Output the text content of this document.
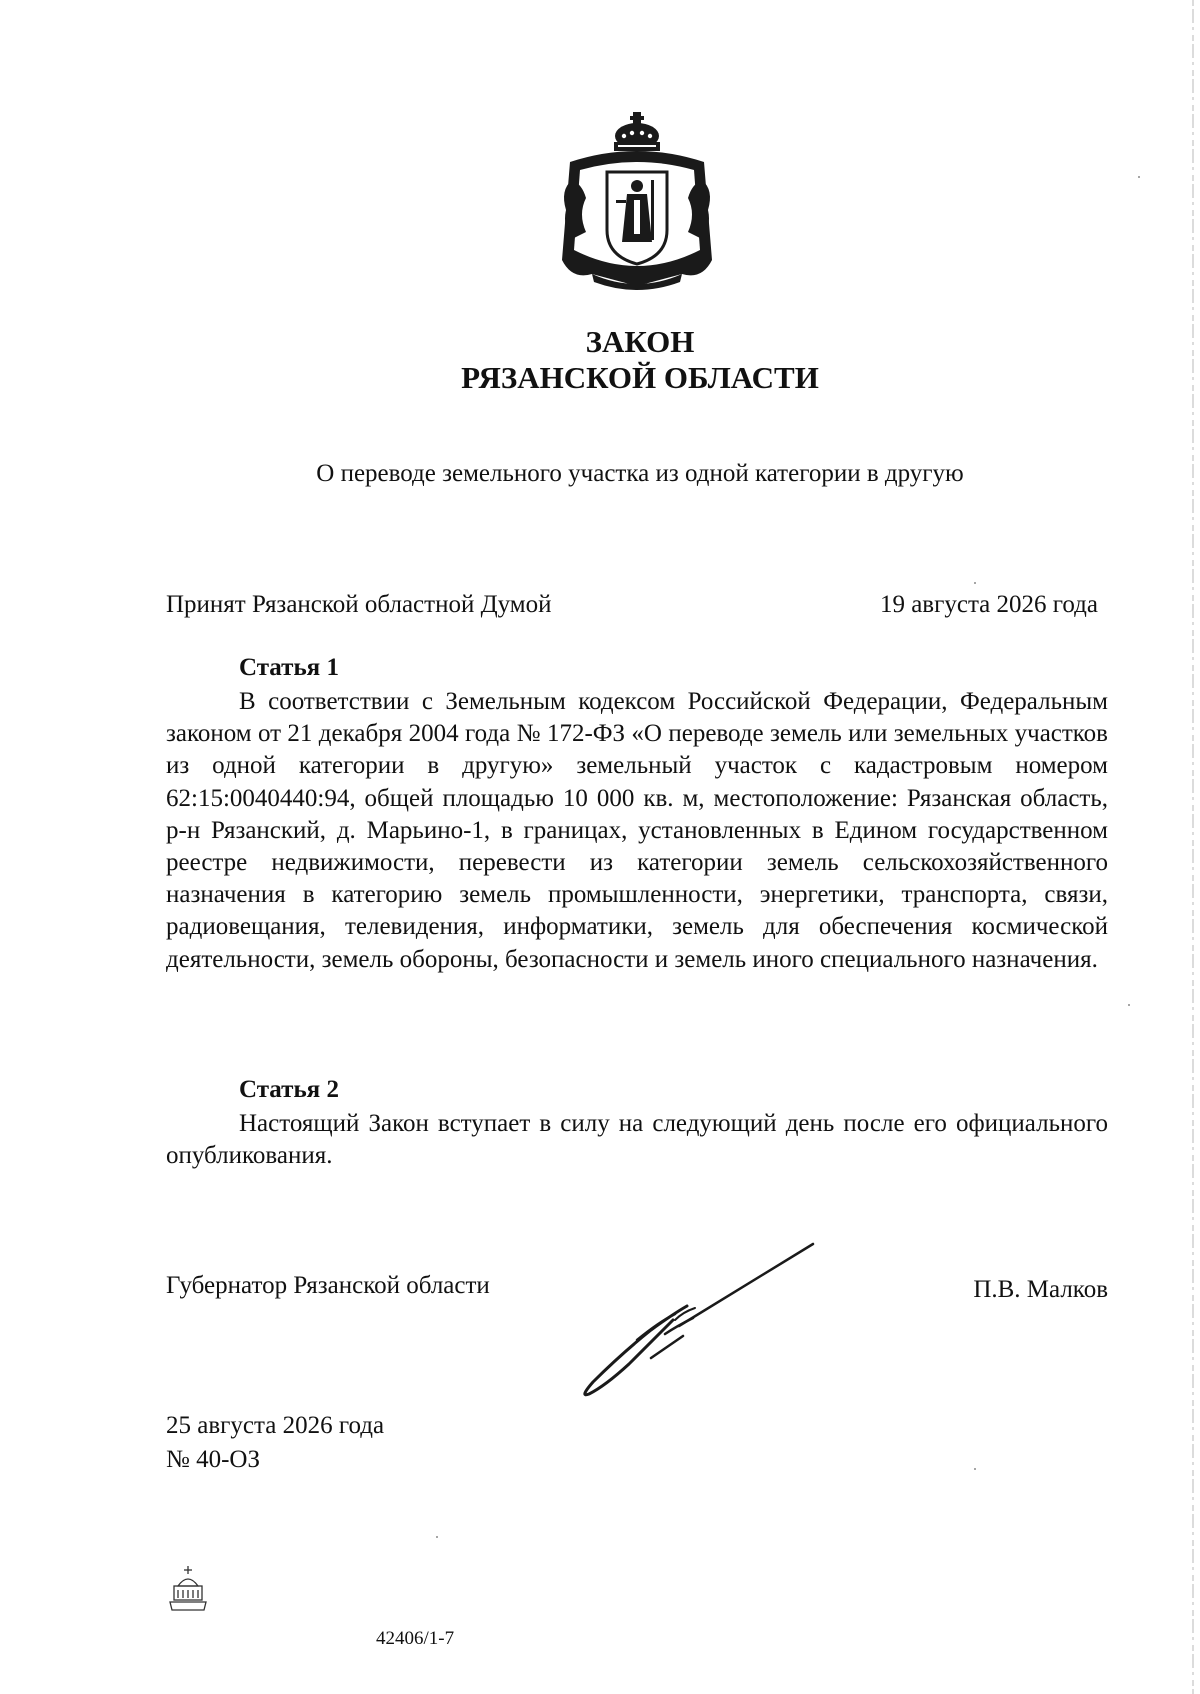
ЗАКОН
РЯЗАНСКОЙ ОБЛАСТИ
О переводе земельного участка из одной категории в другую
Принят Рязанской областной Думой	19 августа 2026 года
Статья 1
В соответствии с Земельным кодексом Российской Федерации, Федеральным законом от 21 декабря 2004 года № 172-ФЗ «О переводе земель или земельных участков из одной категории в другую» земельный участок с кадастровым номером 62:15:0040440:94, общей площадью 10 000 кв. м, местоположение: Рязанская область, р-н Рязанский, д. Марьино-1, в границах, установленных в Едином государственном реестре недвижимости, перевести из категории земель сельскохозяйственного назначения в категорию земель промышленности, энергетики, транспорта, связи, радиовещания, телевидения, информатики, земель для обеспечения космической деятельности, земель обороны, безопасности и земель иного специального назначения.
Статья 2
Настоящий Закон вступает в силу на следующий день после его официального опубликования.
Губернатор Рязанской области	П.В. Малков
25 августа 2026 года
№ 40-ОЗ
42406/1-7
